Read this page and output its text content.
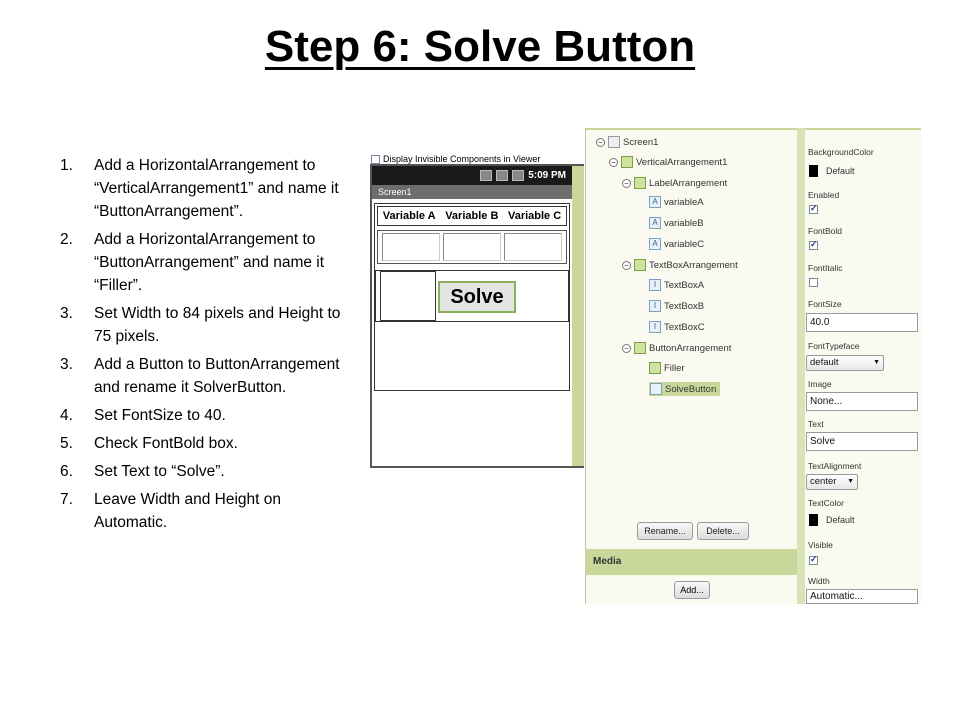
Step 6: Solve Button
1.	Add a HorizontalArrangement to “VerticalArrangement1” and name it “ButtonArrangement”.
2.	Add a HorizontalArrangement to “ButtonArrangement” and name it “Filler”.
3.	Set Width to 84 pixels and Height to 75 pixels.
3.	Add a Button to ButtonArrangement and rename it SolverButton.
4.	Set FontSize to 40.
5.	Check FontBold box.
6.	Set Text to “Solve”.
7.	Leave Width and Height on Automatic.
Display Invisible Components in Viewer
5:09 PM
Screen1
Variable A Variable B Variable C
Solve
− Screen1
− VerticalArrangement1
− LabelArrangement
A variableA
A variableB
A variableC
− TextBoxArrangement
I TextBoxA
I TextBoxB
I TextBoxC
− ButtonArrangement
Filler
SolveButton
Rename...	Delete...
Media
Add...
BackgroundColor
Default
Enabled
✓
FontBold
✓
FontItalic
FontSize
40.0
FontTypeface
default	▼
Image
None...
Text
Solve
TextAlignment
center ▼
TextColor
Default
Visible
✓
Width
Automatic...
